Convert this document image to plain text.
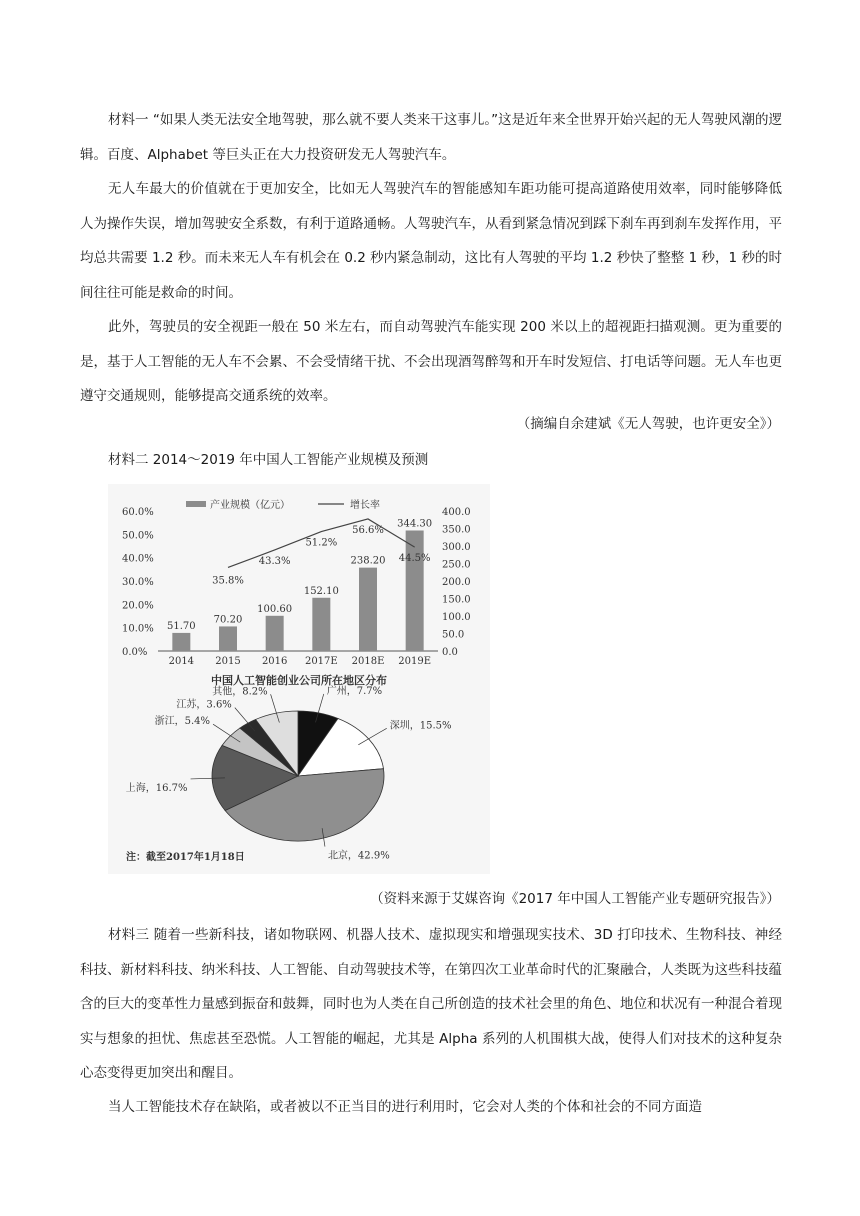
材料一 “如果人类无法安全地驾驶，那么就不要人类来干这事儿。”这是近年来全世界开始兴起的无人驾驶风潮的逻辑。百度、Alphabet 等巨头正在大力投资研发无人驾驶汽车。

无人车最大的价值就在于更加安全，比如无人驾驶汽车的智能感知车距功能可提高道路使用效率，同时能够降低人为操作失误，增加驾驶安全系数，有利于道路通畅。人驾驶汽车，从看到紧急情况到踩下刹车再到刹车发挥作用，平均总共需要 1.2 秒。而未来无人车有机会在 0.2 秒内紧急制动，这比有人驾驶的平均 1.2 秒快了整整 1 秒，1 秒的时间往往可能是救命的时间。

此外，驾驶员的安全视距一般在 50 米左右，而自动驾驶汽车能实现 200 米以上的超视距扫描观测。更为重要的是，基于人工智能的无人车不会累、不会受情绪干扰、不会出现酒驾醉驾和开车时发短信、打电话等问题。无人车也更遵守交通规则，能够提高交通系统的效率。

（摘编自余建斌《无人驾驶，也许更安全》）

材料二 2014～2019 年中国人工智能产业规模及预测

产业规模（亿元）	增长率
60.0%
50.0%
40.0%
30.0%
20.0%
10.0%
0.0%
400.0
350.0
300.0
250.0
200.0
150.0
100.0
50.0
0.0
51.70
2014
70.20
2015
100.60
2016
152.10
2017E
238.20
2018E
344.30
2019E
35.8%
43.3%
51.2%
56.6%
44.5%
中国人工智能创业公司所在地区分布
广州，7.7%
深圳，15.5%
北京，42.9%
上海，16.7%
浙江，5.4%
江苏，3.6%
其他，8.2%
注：截至2017年1月18日

（资料来源于艾媒咨询《2017 年中国人工智能产业专题研究报告》）

材料三 随着一些新科技，诸如物联网、机器人技术、虚拟现实和增强现实技术、3D 打印技术、生物科技、神经科技、新材料科技、纳米科技、人工智能、自动驾驶技术等，在第四次工业革命时代的汇聚融合，人类既为这些科技蕴含的巨大的变革性力量感到振奋和鼓舞，同时也为人类在自己所创造的技术社会里的角色、地位和状况有一种混合着现实与想象的担忧、焦虑甚至恐慌。人工智能的崛起，尤其是 Alpha 系列的人机围棋大战，使得人们对技术的这种复杂心态变得更加突出和醒目。

当人工智能技术存在缺陷，或者被以不正当目的进行利用时，它会对人类的个体和社会的不同方面造
